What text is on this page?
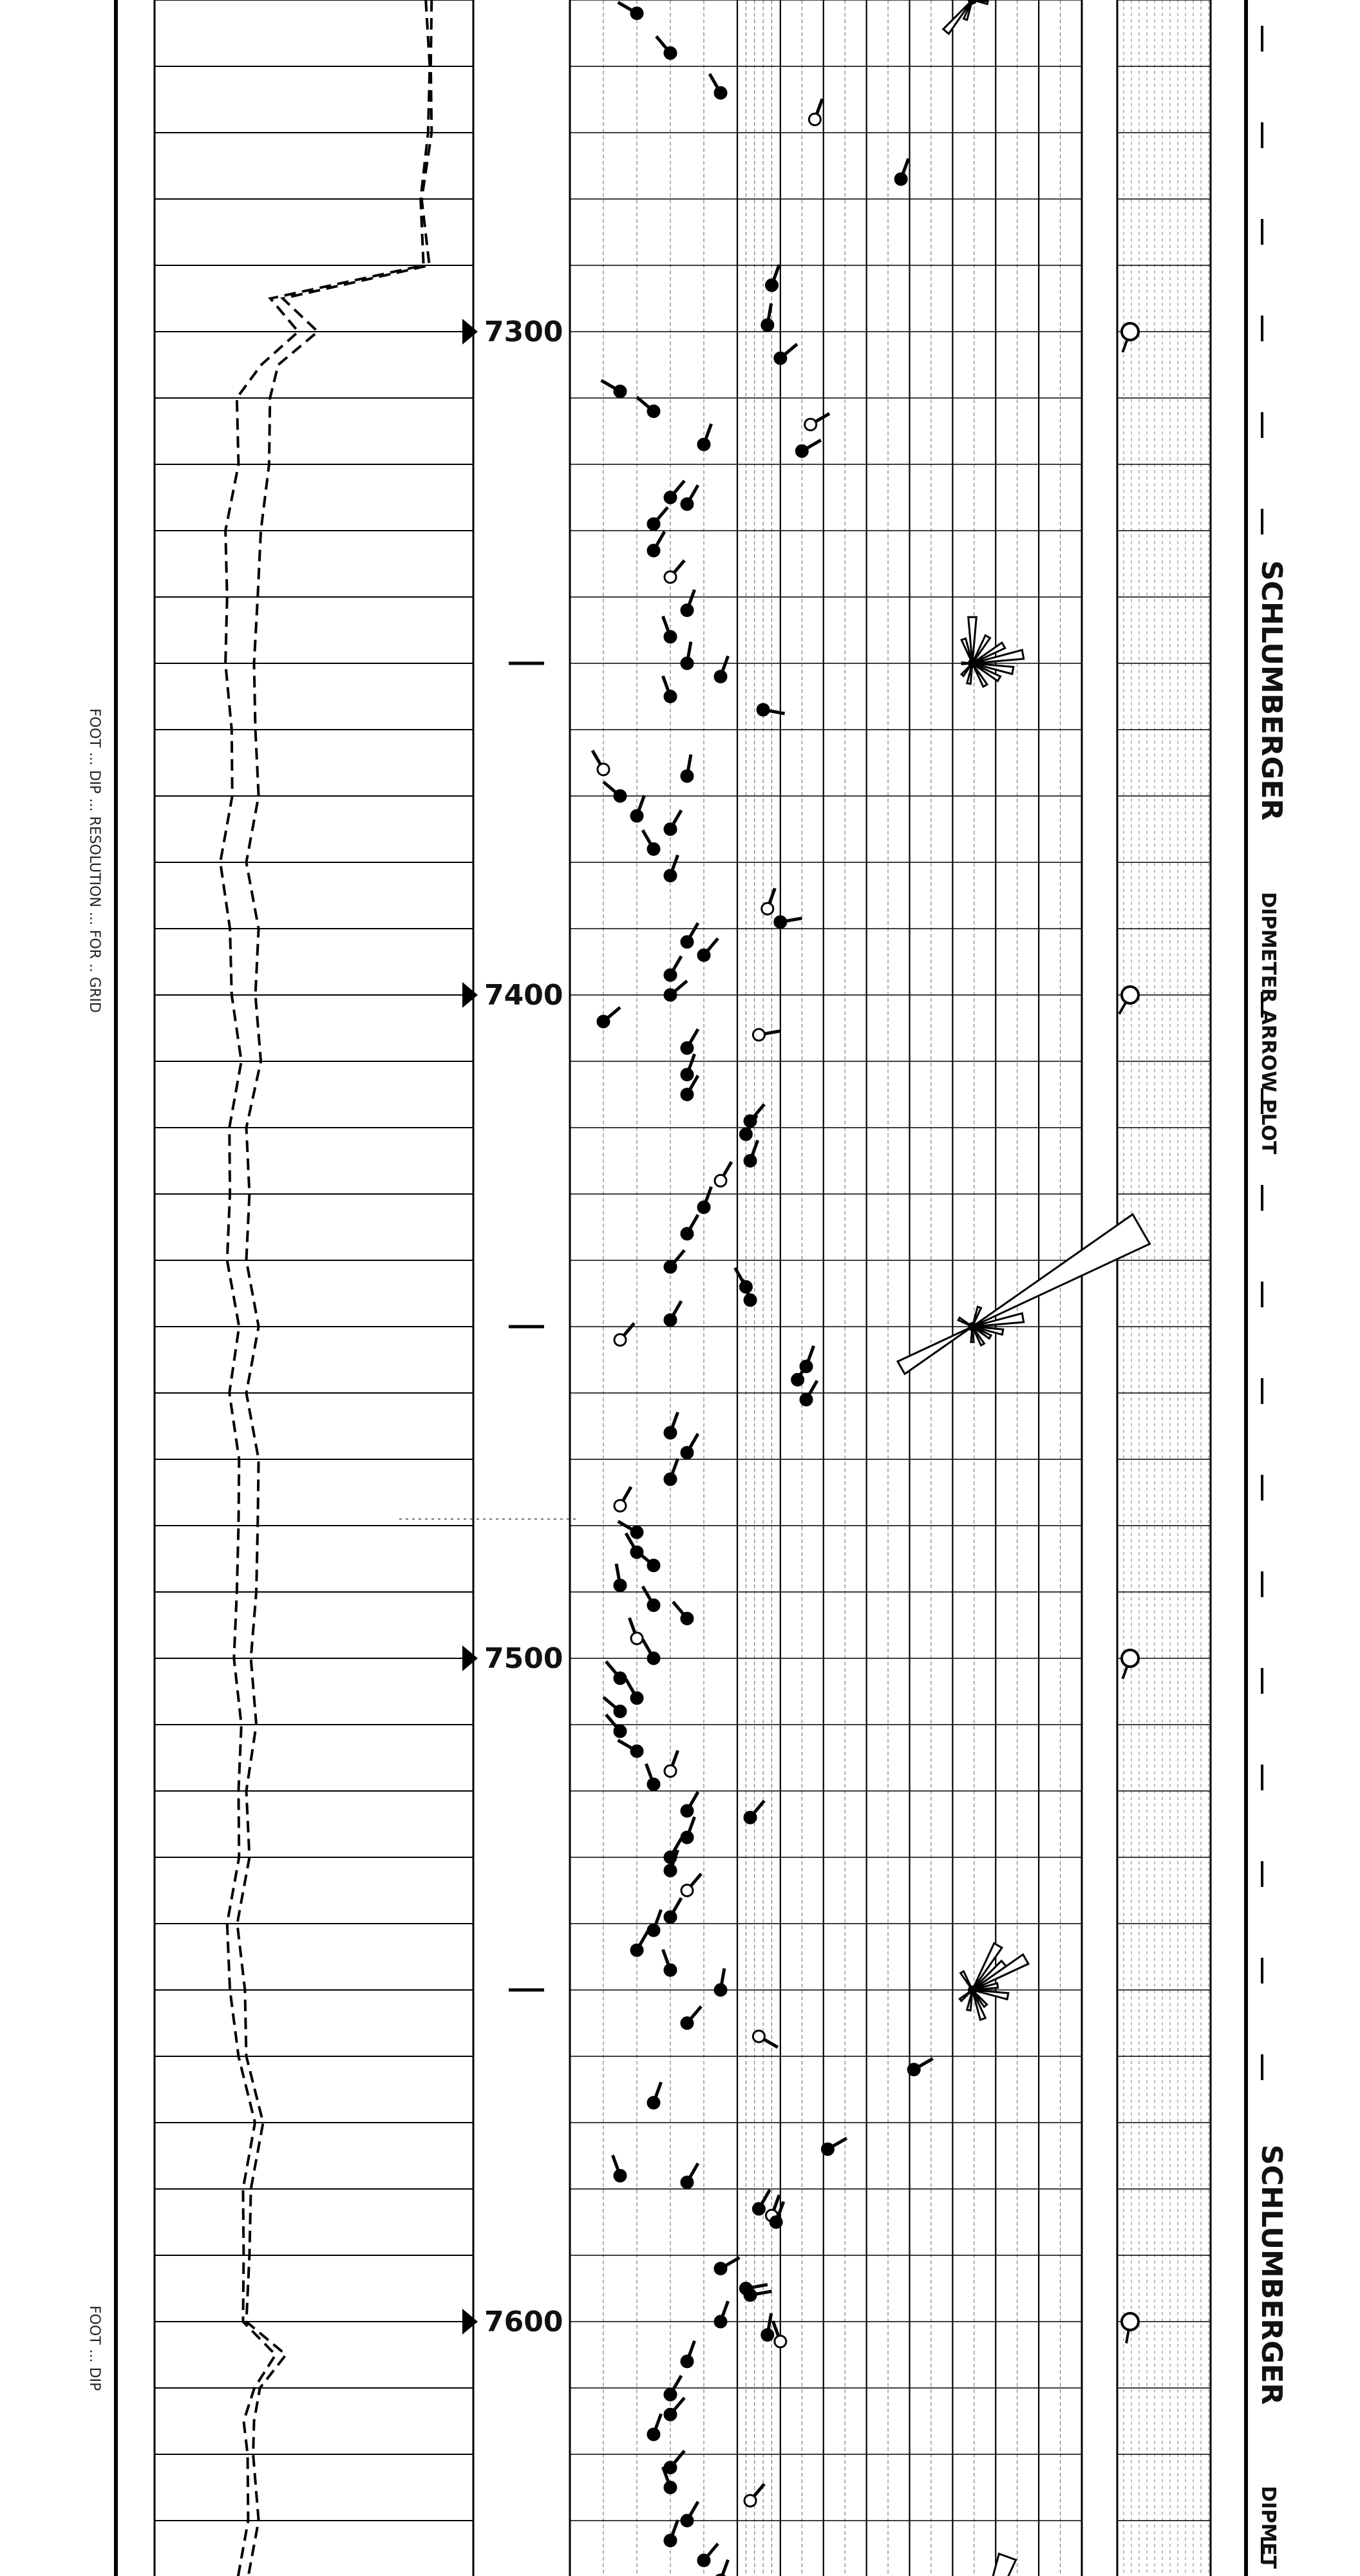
7300
7400
7500
7600
SCHLUMBERGER
DIPMETER ARROW PLOT
SCHLUMBERGER
DIPMET
FOOT ... DIP ... RESOLUTION ... FOR .. GRID
FOOT ... DIP
